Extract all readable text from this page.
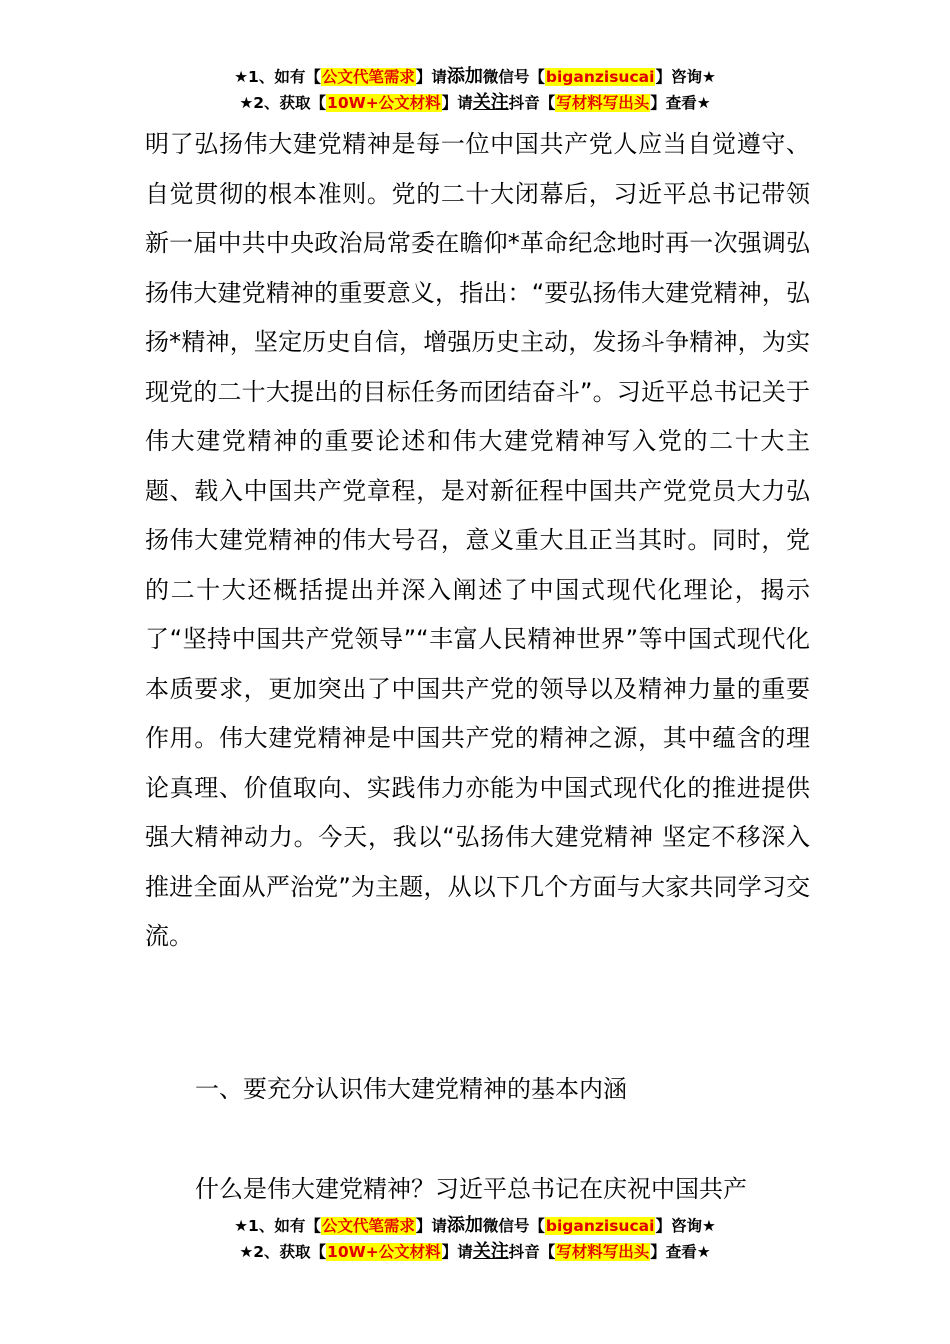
★1、如有【公文代笔需求】请添加微信号【biganzisucai】咨询★
★2、获取【10W+公文材料】请关注抖音【写材料写出头】查看★

明了弘扬伟大建党精神是每一位中国共产党人应当自觉遵守、自觉贯彻的根本准则。党的二十大闭幕后，习近平总书记带领新一届中共中央政治局常委在瞻仰*革命纪念地时再一次强调弘扬伟大建党精神的重要意义，指出：“要弘扬伟大建党精神，弘扬*精神，坚定历史自信，增强历史主动，发扬斗争精神，为实现党的二十大提出的目标任务而团结奋斗”。习近平总书记关于伟大建党精神的重要论述和伟大建党精神写入党的二十大主题、载入中国共产党章程，是对新征程中国共产党党员大力弘扬伟大建党精神的伟大号召，意义重大且正当其时。同时，党的二十大还概括提出并深入阐述了中国式现代化理论，揭示了“坚持中国共产党领导”“丰富人民精神世界”等中国式现代化本质要求，更加突出了中国共产党的领导以及精神力量的重要作用。伟大建党精神是中国共产党的精神之源，其中蕴含的理论真理、价值取向、实践伟力亦能为中国式现代化的推进提供强大精神动力。今天，我以“弘扬伟大建党精神 坚定不移深入推进全面从严治党”为主题，从以下几个方面与大家共同学习交流。

一、要充分认识伟大建党精神的基本内涵
什么是伟大建党精神？习近平总书记在庆祝中国共产
★1、如有【公文代笔需求】请添加微信号【biganzisucai】咨询★
★2、获取【10W+公文材料】请关注抖音【写材料写出头】查看★
